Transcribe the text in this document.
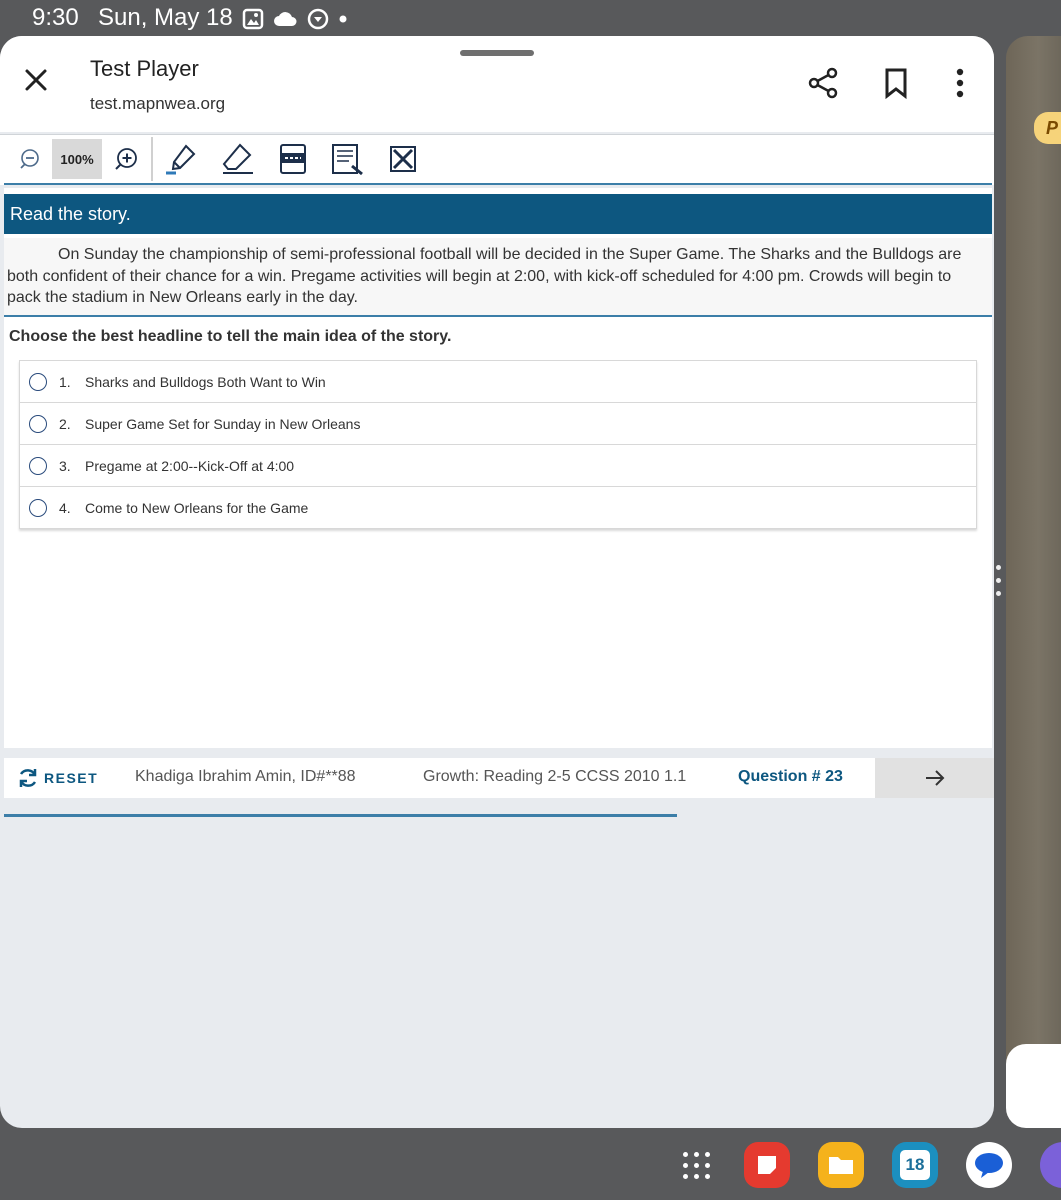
9:30 Sun, May 18
P
Test Player
test.mapnwea.org
100%
Read the story.

On Sunday the championship of semi-professional football will be decided in the Super Game. The Sharks and the Bulldogs are both confident of their chance for a win. Pregame activities will begin at 2:00, with kick-off scheduled for 4:00 pm. Crowds will begin to pack the stadium in New Orleans early in the day.

Choose the best headline to tell the main idea of the story.
1.	Sharks and Bulldogs Both Want to Win
2.	Super Game Set for Sunday in New Orleans
3.	Pregame at 2:00--Kick-Off at 4:00
4.	Come to New Orleans for the Game
RESET Khadiga Ibrahim Amin, ID#**88	Growth: Reading 2-5 CCSS 2010 1.1	Question # 23
18
